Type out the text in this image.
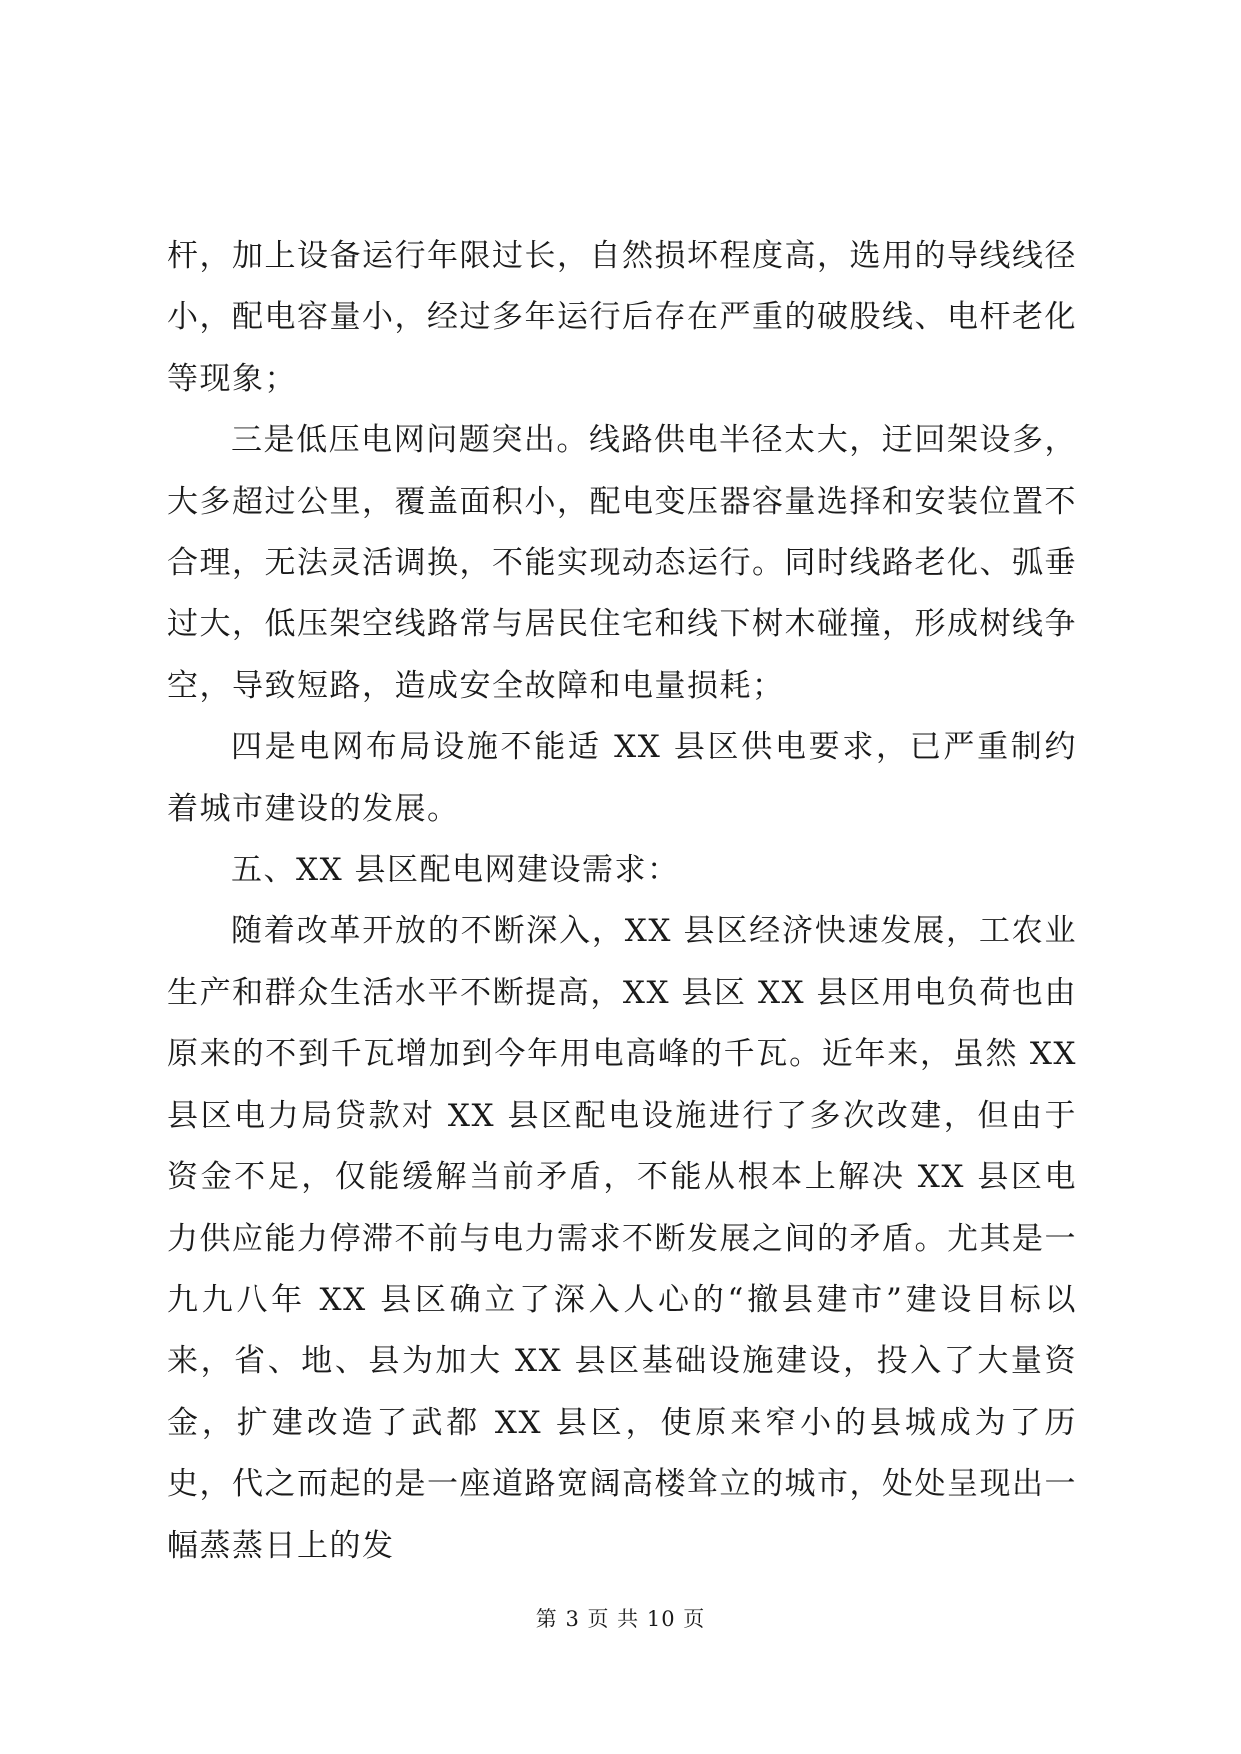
杆，加上设备运行年限过长，自然损坏程度高，选用的导线线径小，配电容量小，经过多年运行后存在严重的破股线、电杆老化等现象；

三是低压电网问题突出。线路供电半径太大，迂回架设多，大多超过公里，覆盖面积小，配电变压器容量选择和安装位置不合理，无法灵活调换，不能实现动态运行。同时线路老化、弧垂过大，低压架空线路常与居民住宅和线下树木碰撞，形成树线争空，导致短路，造成安全故障和电量损耗；

四是电网布局设施不能适 XX 县区供电要求，已严重制约着城市建设的发展。

五、XX 县区配电网建设需求：

随着改革开放的不断深入，XX 县区经济快速发展，工农业生产和群众生活水平不断提高，XX 县区 XX 县区用电负荷也由原来的不到千瓦增加到今年用电高峰的千瓦。近年来，虽然 XX 县区电力局贷款对 XX 县区配电设施进行了多次改建，但由于资金不足，仅能缓解当前矛盾，不能从根本上解决 XX 县区电力供应能力停滞不前与电力需求不断发展之间的矛盾。尤其是一九九八年 XX 县区确立了深入人心的“撤县建市”建设目标以来，省、地、县为加大 XX 县区基础设施建设，投入了大量资金，扩建改造了武都 XX 县区，使原来窄小的县城成为了历史，代之而起的是一座道路宽阔高楼耸立的城市，处处呈现出一幅蒸蒸日上的发

第 3 页 共 10 页
